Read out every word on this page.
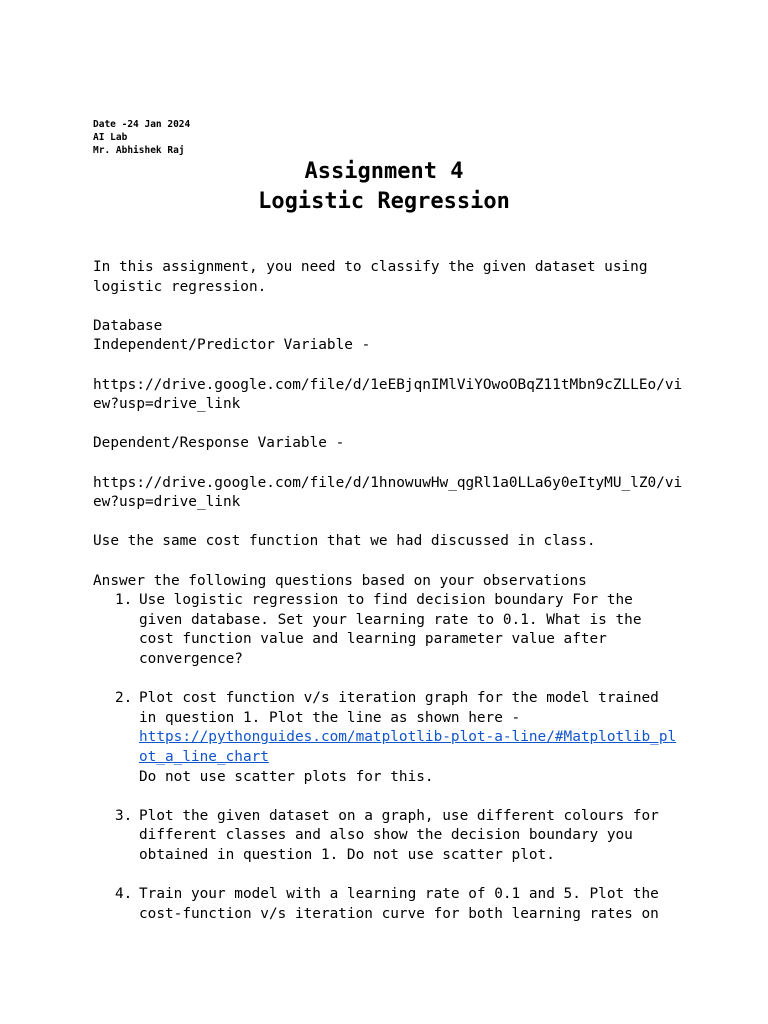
Date -24 Jan 2024
AI Lab
Mr. Abhishek Raj
Assignment 4
Logistic Regression
In this assignment, you need to classify the given dataset using
logistic regression.
Database
Independent/Predictor Variable -
https://drive.google.com/file/d/1eEBjqnIMlViYOwoOBqZ11tMbn9cZLLEo/vi
ew?usp=drive_link
Dependent/Response Variable -
https://drive.google.com/file/d/1hnowuwHw_qgRl1a0LLa6y0eItyMU_lZ0/vi
ew?usp=drive_link
Use the same cost function that we had discussed in class.
Answer the following questions based on your observations
1. Use logistic regression to find decision boundary For the
given database. Set your learning rate to 0.1. What is the
cost function value and learning parameter value after
convergence?
2. Plot cost function v/s iteration graph for the model trained
in question 1. Plot the line as shown here -
https://pythonguides.com/matplotlib-plot-a-line/#Matplotlib_pl
ot_a_line_chart
Do not use scatter plots for this.
3. Plot the given dataset on a graph, use different colours for
different classes and also show the decision boundary you
obtained in question 1. Do not use scatter plot.
4. Train your model with a learning rate of 0.1 and 5. Plot the
cost-function v/s iteration curve for both learning rates on
